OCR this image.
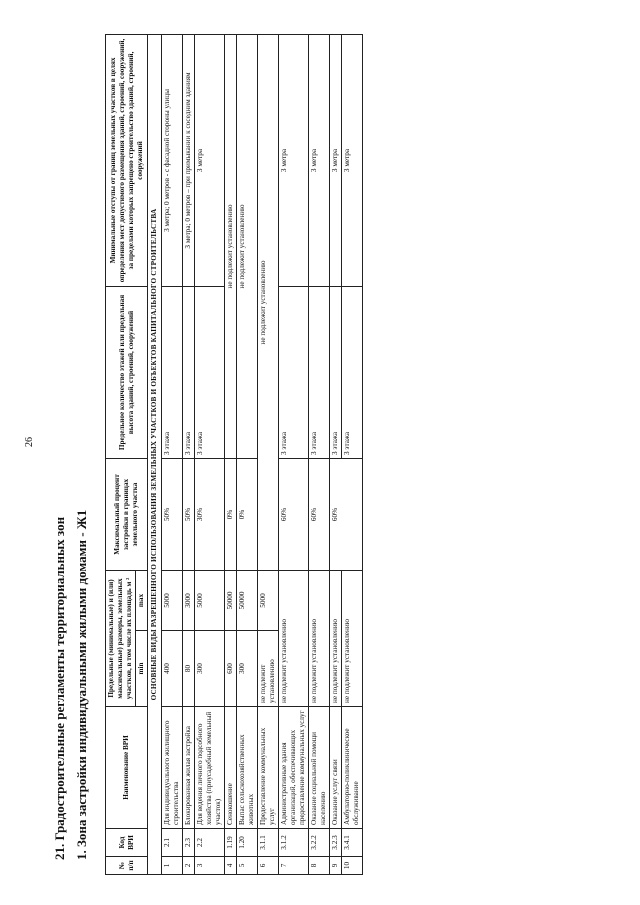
26
21. Градостроительные регламенты территориальных зон 1. Зона застройки индивидуальными жилыми домами - Ж1
№ п/п	Код ВРИ	Наименование ВРИ	Предельные (минимальные) и (или) максимальные) размеры, земельных участков, в том числе их площадь м ²		Максимальный процент застройки в границах земельного участка	Предельное количество этажей или предельная высота зданий, строений, сооружений	Минимальные отступы от границ земельных участков в целях определения мест допустимого размещения зданий, строений, сооружений, за пределами которых запрещено строительство зданий, строений, сооружений
			min	max			
ОСНОВНЫЕ ВИДЫ РАЗРЕШЕННОГО ИСПОЛЬЗОВАНИЯ ЗЕМЕЛЬНЫХ УЧАСТКОВ И ОБЪЕКТОВ КАПИТАЛЬНОГО СТРОИТЕЛЬСТВА							
1	2.1	Для индивидуального жилищного строительства	400	5000	50%	3 этажа	3 метра; 0 метров - с фасадной стороны улицы
2	2.3	Блокированная жилая застройка	80	3000	50%	3 этажа	3 метра; 0 метров – при примыкании к соседним зданиям
3	2.2	Для ведения личного подсобного хозяйства (приусадебный земельный участок)	300	5000	30%	3 этажа	3 метра
4	1.19	Сенокошение	600	50000	0%	не подлежит установлению	
5	1.20	Выпас сельскохозяйственных животных	300	50000	0%	не подлежит установлению	
6	3.1.1	Предоставление коммунальных услуг	не подлежит установлению	5000	не подлежит установлению		
7	3.1.2	Административные здания организаций, обеспечивающих предоставление коммунальных услуг	не подлежит установлению		60%	3 этажа	3 метра
8	3.2.2	Оказание социальной помощи населению	не подлежит установлению		60%	3 этажа	3 метра
9	3.2.3	Оказание услуг связи	не подлежит установлению		60%	3 этажа	3 метра
10	3.4.1	Амбулаторно-поликлиническое обслуживание	не подлежит установлению			3 этажа	3 метра
